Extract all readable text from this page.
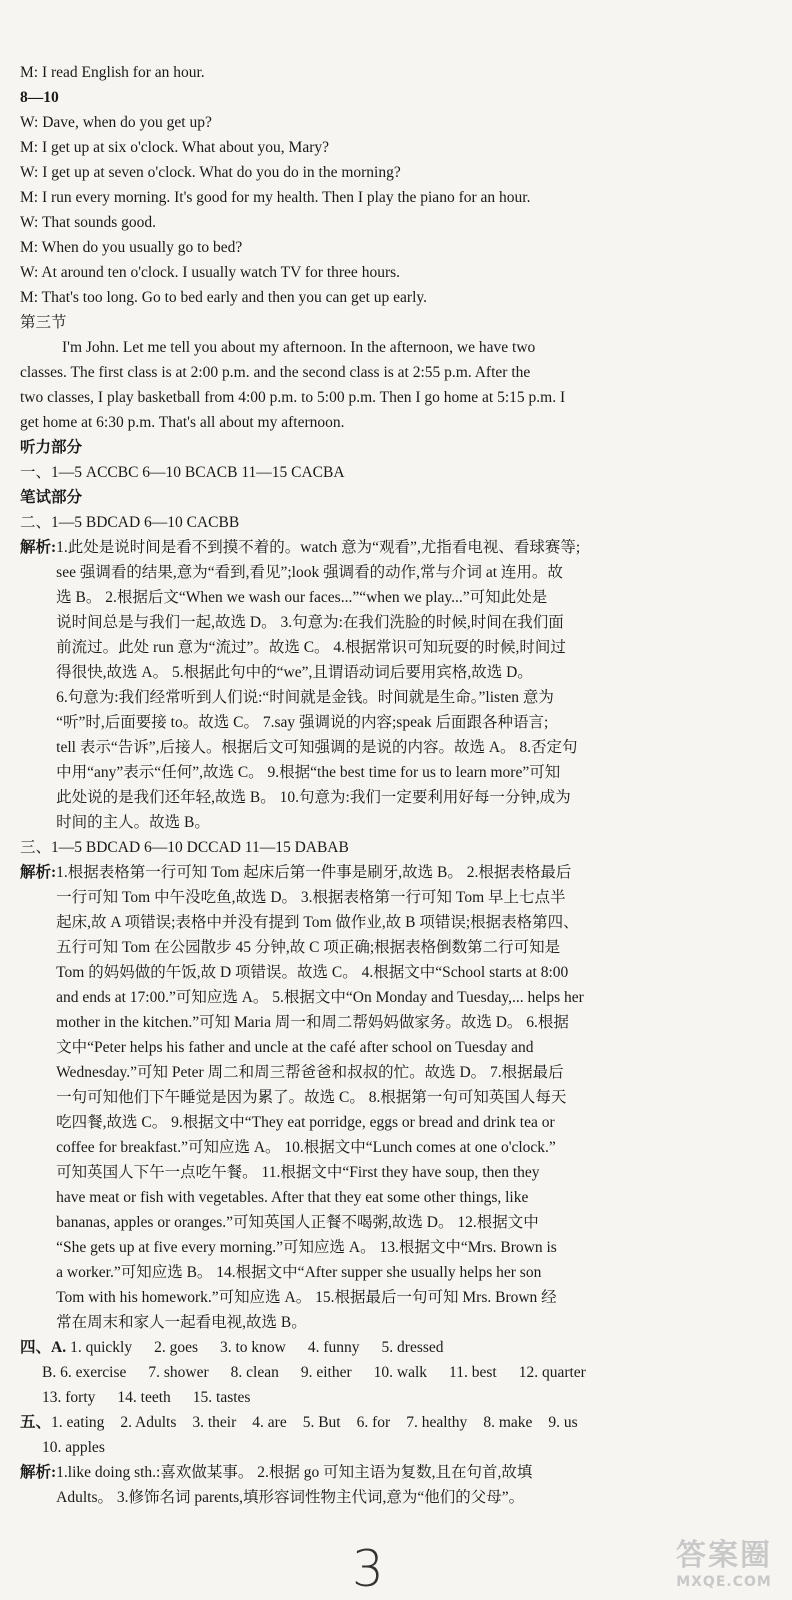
M: I read English for an hour.
8—10
W: Dave, when do you get up?
M: I get up at six o'clock. What about you, Mary?
W: I get up at seven o'clock. What do you do in the morning?
M: I run every morning. It's good for my health. Then I play the piano for an hour.
W: That sounds good.
M: When do you usually go to bed?
W: At around ten o'clock. I usually watch TV for three hours.
M: That's too long. Go to bed early and then you can get up early.
第三节
I'm John. Let me tell you about my afternoon. In the afternoon, we have two
classes. The first class is at 2:00 p.m. and the second class is at 2:55 p.m. After the
two classes, I play basketball from 4:00 p.m. to 5:00 p.m. Then I go home at 5:15 p.m. I
get home at 6:30 p.m. That's all about my afternoon.
听力部分
一、1—5 ACCBC 6—10 BCACB 11—15 CACBA
笔试部分
二、1—5 BDCAD 6—10 CACBB
解析: 1.此处是说时间是看不到摸不着的。watch 意为“观看”,尤指看电视、看球赛等;
see 强调看的结果,意为“看到,看见”;look 强调看的动作,常与介词 at 连用。故
选 B。 2.根据后文“When we wash our faces...”“when we play...”可知此处是
说时间总是与我们一起,故选 D。 3.句意为:在我们洗脸的时候,时间在我们面
前流过。此处 run 意为“流过”。故选 C。 4.根据常识可知玩耍的时候,时间过
得很快,故选 A。 5.根据此句中的“we”,且谓语动词后要用宾格,故选 D。
6.句意为:我们经常听到人们说:“时间就是金钱。时间就是生命。”listen 意为
“听”时,后面要接 to。故选 C。 7.say 强调说的内容;speak 后面跟各种语言;
tell 表示“告诉”,后接人。根据后文可知强调的是说的内容。故选 A。 8.否定句
中用“any”表示“任何”,故选 C。 9.根据“the best time for us to learn more”可知
此处说的是我们还年轻,故选 B。 10.句意为:我们一定要利用好每一分钟,成为
时间的主人。故选 B。
三、1—5 BDCAD 6—10 DCCAD 11—15 DABAB
解析: 1.根据表格第一行可知 Tom 起床后第一件事是刷牙,故选 B。 2.根据表格最后
一行可知 Tom 中午没吃鱼,故选 D。 3.根据表格第一行可知 Tom 早上七点半
起床,故 A 项错误;表格中并没有提到 Tom 做作业,故 B 项错误;根据表格第四、
五行可知 Tom 在公园散步 45 分钟,故 C 项正确;根据表格倒数第二行可知是
Tom 的妈妈做的午饭,故 D 项错误。故选 C。 4.根据文中“School starts at 8:00
and ends at 17:00.”可知应选 A。 5.根据文中“On Monday and Tuesday,... helps her
mother in the kitchen.”可知 Maria 周一和周二帮妈妈做家务。故选 D。 6.根据
文中“Peter helps his father and uncle at the café after school on Tuesday and
Wednesday.”可知 Peter 周二和周三帮爸爸和叔叔的忙。故选 D。 7.根据最后
一句可知他们下午睡觉是因为累了。故选 C。 8.根据第一句可知英国人每天
吃四餐,故选 C。 9.根据文中“They eat porridge, eggs or bread and drink tea or
coffee for breakfast.”可知应选 A。 10.根据文中“Lunch comes at one o'clock.”
可知英国人下午一点吃午餐。 11.根据文中“First they have soup, then they
have meat or fish with vegetables. After that they eat some other things, like
bananas, apples or oranges.”可知英国人正餐不喝粥,故选 D。 12.根据文中
“She gets up at five every morning.”可知应选 A。 13.根据文中“Mrs. Brown is
a worker.”可知应选 B。 14.根据文中“After supper she usually helps her son
Tom with his homework.”可知应选 A。 15.根据最后一句可知 Mrs. Brown 经
常在周末和家人一起看电视,故选 B。
四、A. 1. quickly 2. goes 3. to know 4. funny 5. dressed
B. 6. exercise 7. shower 8. clean 9. either 10. walk 11. best 12. quarter
13. forty 14. teeth 15. tastes
五、1. eating 2. Adults 3. their 4. are 5. But 6. for 7. healthy 8. make 9. us
10. apples
解析: 1.like doing sth.:喜欢做某事。 2.根据 go 可知主语为复数,且在句首,故填
Adults。 3.修饰名词 parents,填形容词性物主代词,意为“他们的父母”。
3	答案圈
MXQE.COM
